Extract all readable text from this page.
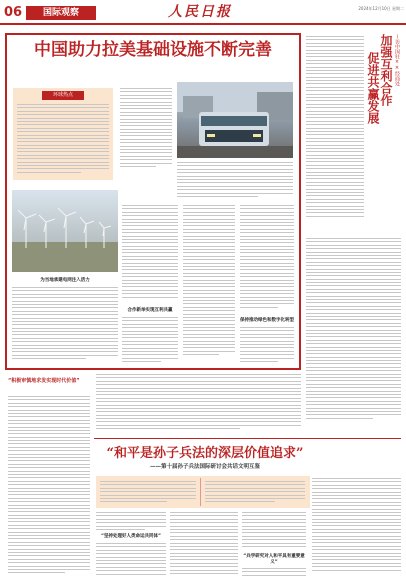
06	国际观察	人民日报	2024年12月10日 星期二
中国助力拉美基础设施不断完善
环球热点
为当地承建电网注入活力
合作新举实现互利共赢
保持推动绿色和数字化转型
—访中国驻××经商处
加强互利合作
促进共赢发展
“积极审慎地求发实现时代价值”
“和平是孙子兵法的深层价值追求”
——第十届孙子兵法国际研讨会共话文明互鉴
“坚持处理好人类命运共同体”
“兵学研究对人和平具有重要意义”
